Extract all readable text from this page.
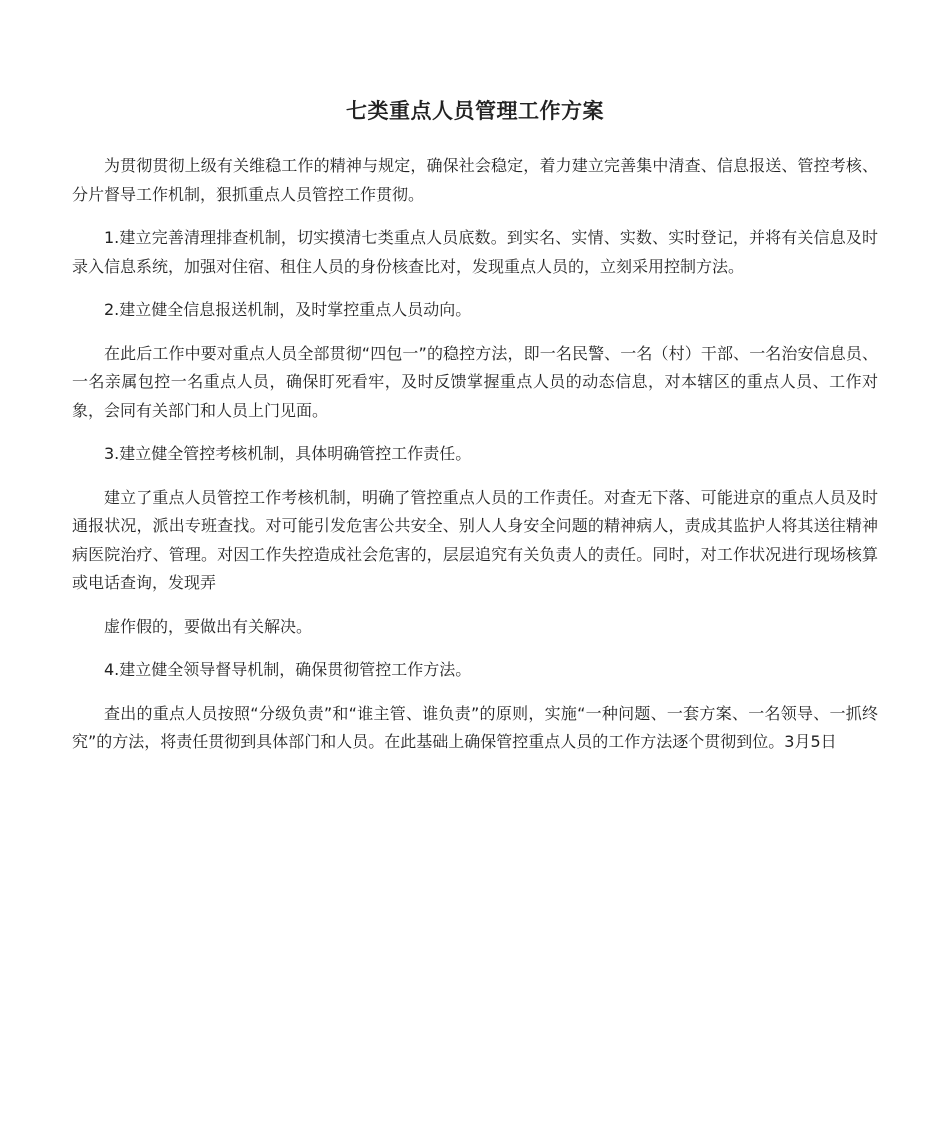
七类重点人员管理工作方案

为贯彻贯彻上级有关维稳工作的精神与规定，确保社会稳定，着力建立完善集中清查、信息报送、管控考核、分片督导工作机制，狠抓重点人员管控工作贯彻。

1.建立完善清理排查机制，切实摸清七类重点人员底数。到实名、实情、实数、实时登记，并将有关信息及时录入信息系统，加强对住宿、租住人员的身份核查比对，发现重点人员的，立刻采用控制方法。

2.建立健全信息报送机制，及时掌控重点人员动向。

在此后工作中要对重点人员全部贯彻“四包一”的稳控方法，即一名民警、一名（村）干部、一名治安信息员、一名亲属包控一名重点人员，确保盯死看牢，及时反馈掌握重点人员的动态信息，对本辖区的重点人员、工作对象，会同有关部门和人员上门见面。

3.建立健全管控考核机制，具体明确管控工作责任。

建立了重点人员管控工作考核机制，明确了管控重点人员的工作责任。对查无下落、可能进京的重点人员及时通报状况，派出专班查找。对可能引发危害公共安全、别人人身安全问题的精神病人，责成其监护人将其送往精神病医院治疗、管理。对因工作失控造成社会危害的，层层追究有关负责人的责任。同时，对工作状况进行现场核算或电话查询，发现弄

虚作假的，要做出有关解决。

4.建立健全领导督导机制，确保贯彻管控工作方法。

查出的重点人员按照“分级负责”和“谁主管、谁负责”的原则，实施“一种问题、一套方案、一名领导、一抓终究”的方法，将责任贯彻到具体部门和人员。在此基础上确保管控重点人员的工作方法逐个贯彻到位。3月5日
